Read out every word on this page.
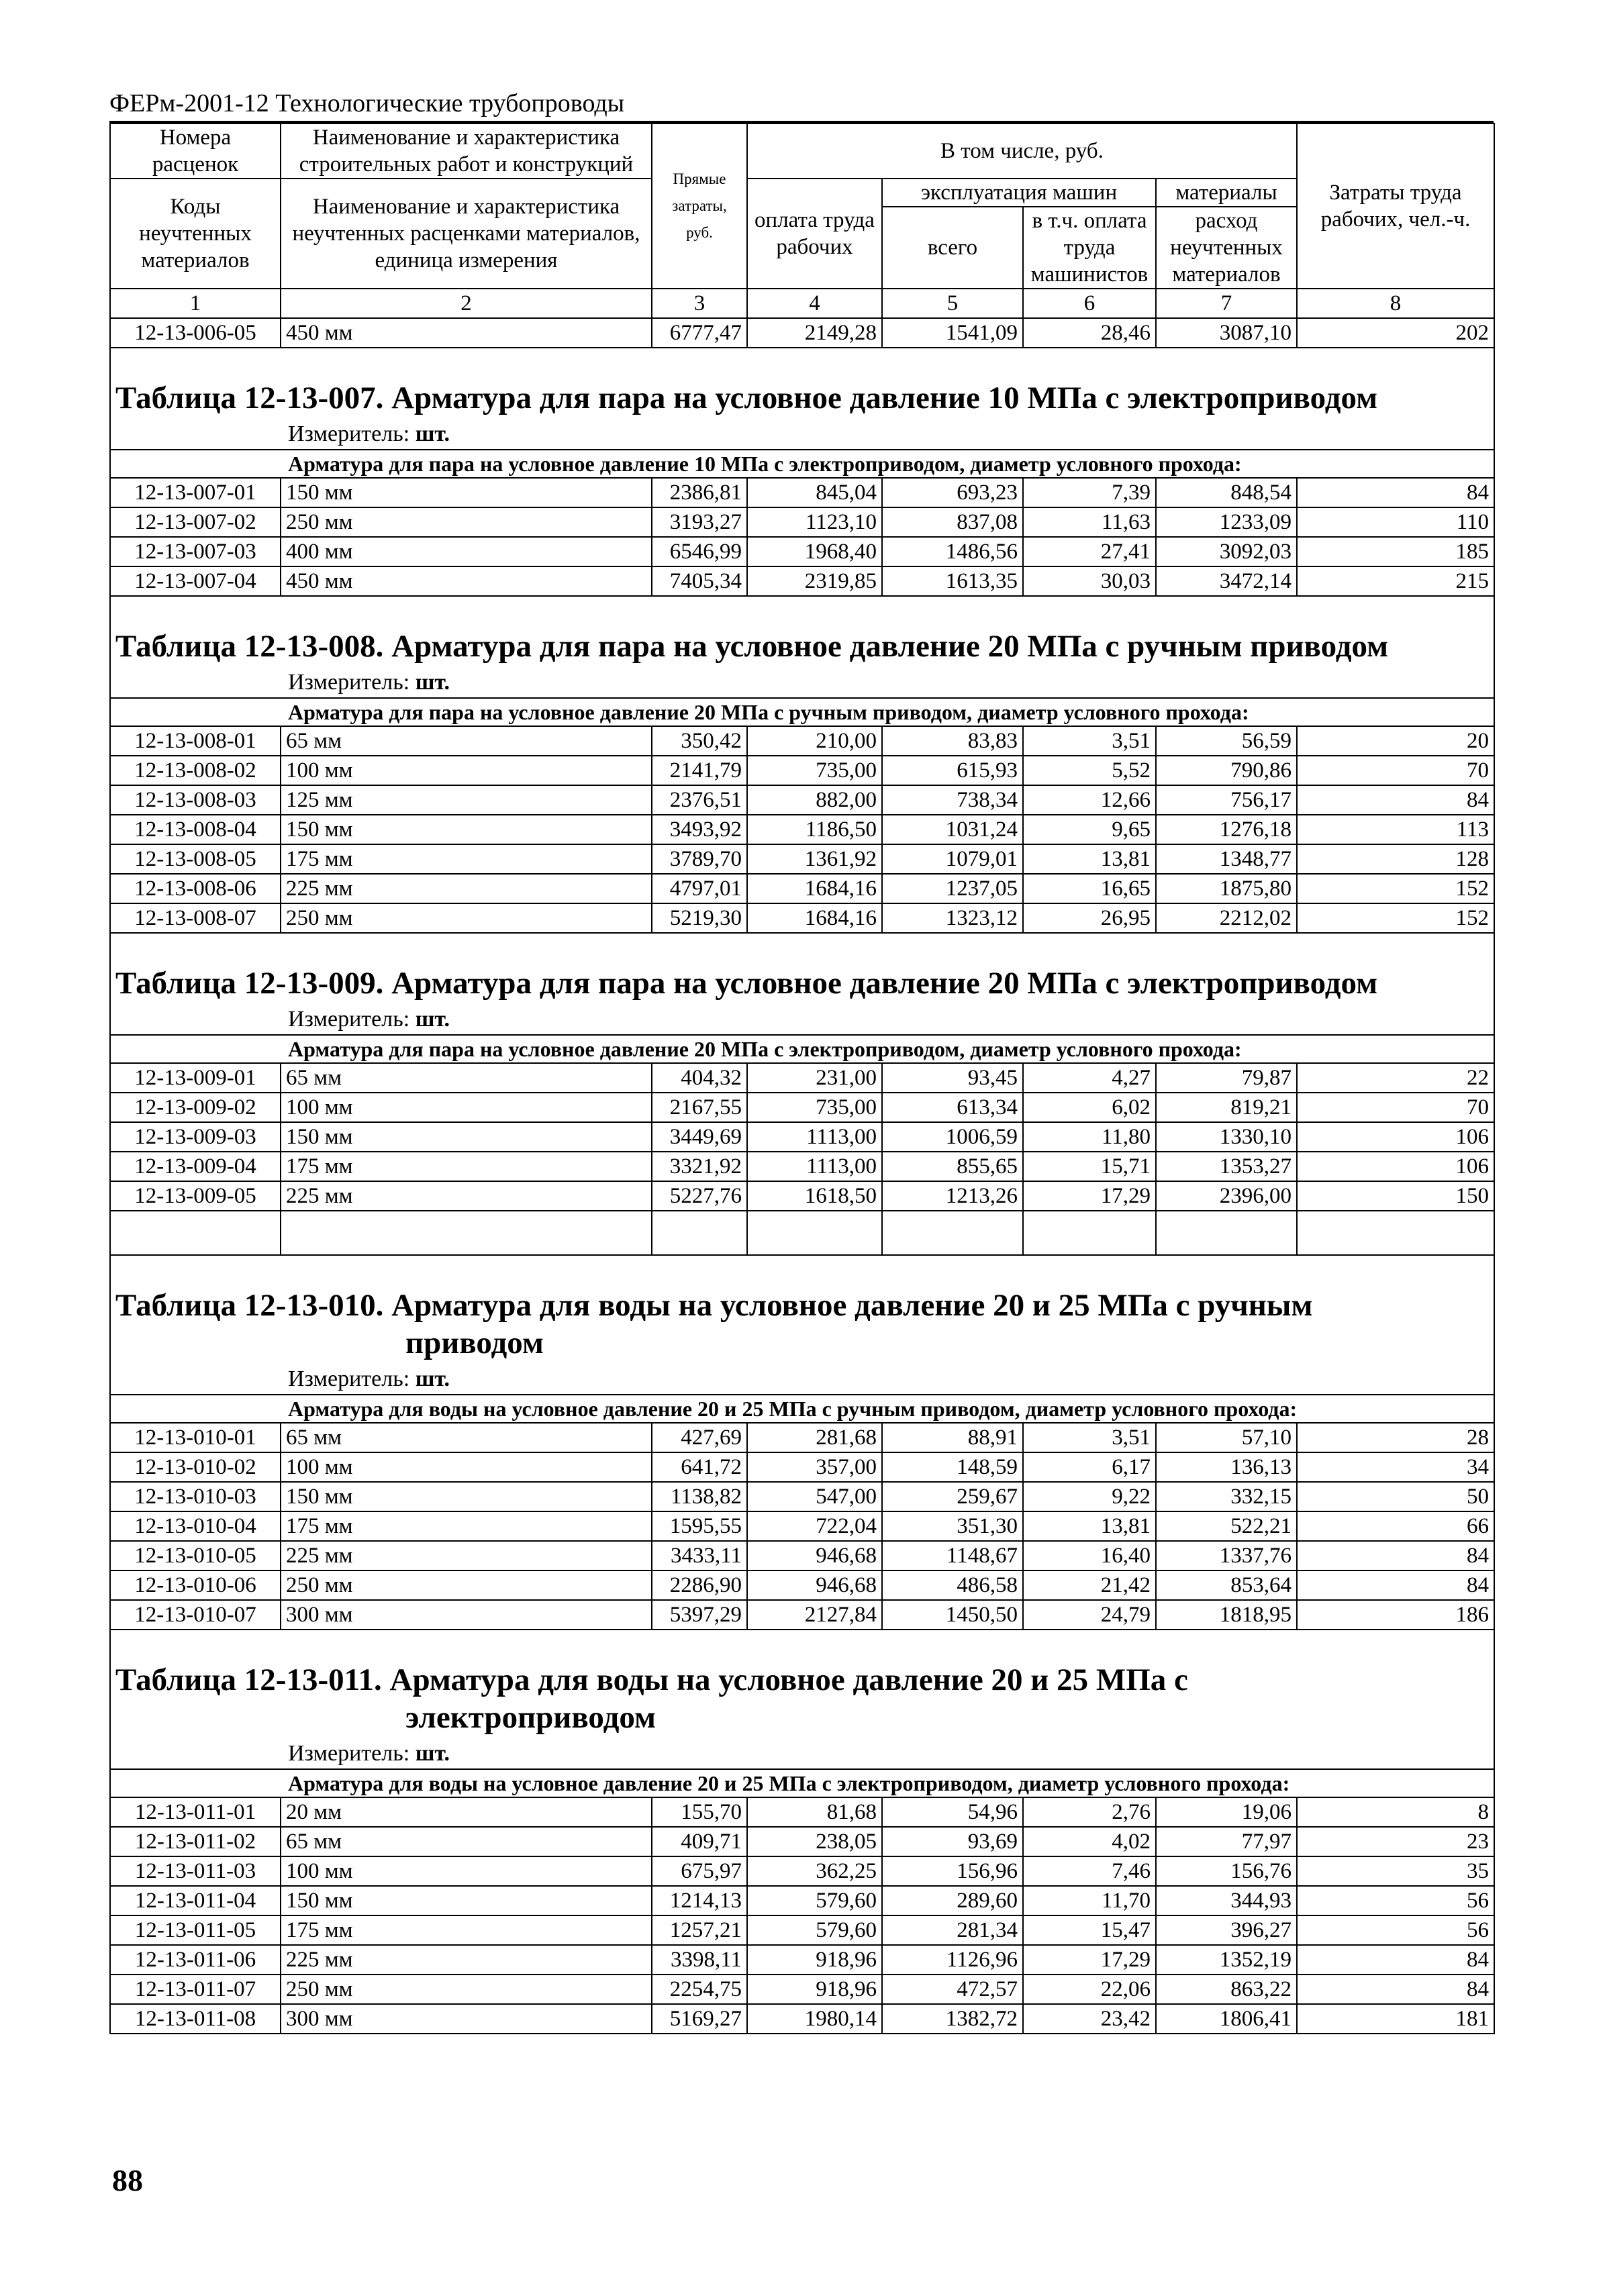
ФЕРм-2001-12 Технологические трубопроводы
Номера расценок	Наименование и характеристика строительных работ и конструкций	Прямые затраты, руб.	В том числе, руб.				Затраты труда рабочих, чел.-ч.
Коды неучтенных материалов	Наименование и характеристика неучтенных расценками материалов, единица измерения		оплата труда рабочих	эксплуатация машин		материалы	
				всего	в т.ч. оплата труда машинистов	расход неучтенных материалов	
1	2	3	4	5	6	7	8
12-13-006-05	450 мм	6777,47	2149,28	1541,09	28,46	3087,10	202
Таблица 12-13-007. Арматура для пара на условное давление 10 МПа с электроприводом							
Измеритель: шт.							
Арматура для пара на условное давление 10 МПа с электроприводом, диаметр условного прохода:							
12-13-007-01	150 мм	2386,81	845,04	693,23	7,39	848,54	84
12-13-007-02	250 мм	3193,27	1123,10	837,08	11,63	1233,09	110
12-13-007-03	400 мм	6546,99	1968,40	1486,56	27,41	3092,03	185
12-13-007-04	450 мм	7405,34	2319,85	1613,35	30,03	3472,14	215
Таблица 12-13-008. Арматура для пара на условное давление 20 МПа с ручным приводом							
Измеритель: шт.							
Арматура для пара на условное давление 20 МПа с ручным приводом, диаметр условного прохода:							
12-13-008-01	65 мм	350,42	210,00	83,83	3,51	56,59	20
12-13-008-02	100 мм	2141,79	735,00	615,93	5,52	790,86	70
12-13-008-03	125 мм	2376,51	882,00	738,34	12,66	756,17	84
12-13-008-04	150 мм	3493,92	1186,50	1031,24	9,65	1276,18	113
12-13-008-05	175 мм	3789,70	1361,92	1079,01	13,81	1348,77	128
12-13-008-06	225 мм	4797,01	1684,16	1237,05	16,65	1875,80	152
12-13-008-07	250 мм	5219,30	1684,16	1323,12	26,95	2212,02	152
Таблица 12-13-009. Арматура для пара на условное давление 20 МПа с электроприводом							
Измеритель: шт.							
Арматура для пара на условное давление 20 МПа с электроприводом, диаметр условного прохода:							
12-13-009-01	65 мм	404,32	231,00	93,45	4,27	79,87	22
12-13-009-02	100 мм	2167,55	735,00	613,34	6,02	819,21	70
12-13-009-03	150 мм	3449,69	1113,00	1006,59	11,80	1330,10	106
12-13-009-04	175 мм	3321,92	1113,00	855,65	15,71	1353,27	106
12-13-009-05	225 мм	5227,76	1618,50	1213,26	17,29	2396,00	150

Таблица 12-13-010. Арматура для воды на условное давление 20 и 25 МПа с ручным
приводом							
Измеритель: шт.							
Арматура для воды на условное давление 20 и 25 МПа с ручным приводом, диаметр условного прохода:							
12-13-010-01	65 мм	427,69	281,68	88,91	3,51	57,10	28
12-13-010-02	100 мм	641,72	357,00	148,59	6,17	136,13	34
12-13-010-03	150 мм	1138,82	547,00	259,67	9,22	332,15	50
12-13-010-04	175 мм	1595,55	722,04	351,30	13,81	522,21	66
12-13-010-05	225 мм	3433,11	946,68	1148,67	16,40	1337,76	84
12-13-010-06	250 мм	2286,90	946,68	486,58	21,42	853,64	84
12-13-010-07	300 мм	5397,29	2127,84	1450,50	24,79	1818,95	186
Таблица 12-13-011. Арматура для воды на условное давление 20 и 25 МПа с
электроприводом							
Измеритель: шт.							
Арматура для воды на условное давление 20 и 25 МПа с электроприводом, диаметр условного прохода:							
12-13-011-01	20 мм	155,70	81,68	54,96	2,76	19,06	8
12-13-011-02	65 мм	409,71	238,05	93,69	4,02	77,97	23
12-13-011-03	100 мм	675,97	362,25	156,96	7,46	156,76	35
12-13-011-04	150 мм	1214,13	579,60	289,60	11,70	344,93	56
12-13-011-05	175 мм	1257,21	579,60	281,34	15,47	396,27	56
12-13-011-06	225 мм	3398,11	918,96	1126,96	17,29	1352,19	84
12-13-011-07	250 мм	2254,75	918,96	472,57	22,06	863,22	84
12-13-011-08	300 мм	5169,27	1980,14	1382,72	23,42	1806,41	181
88
